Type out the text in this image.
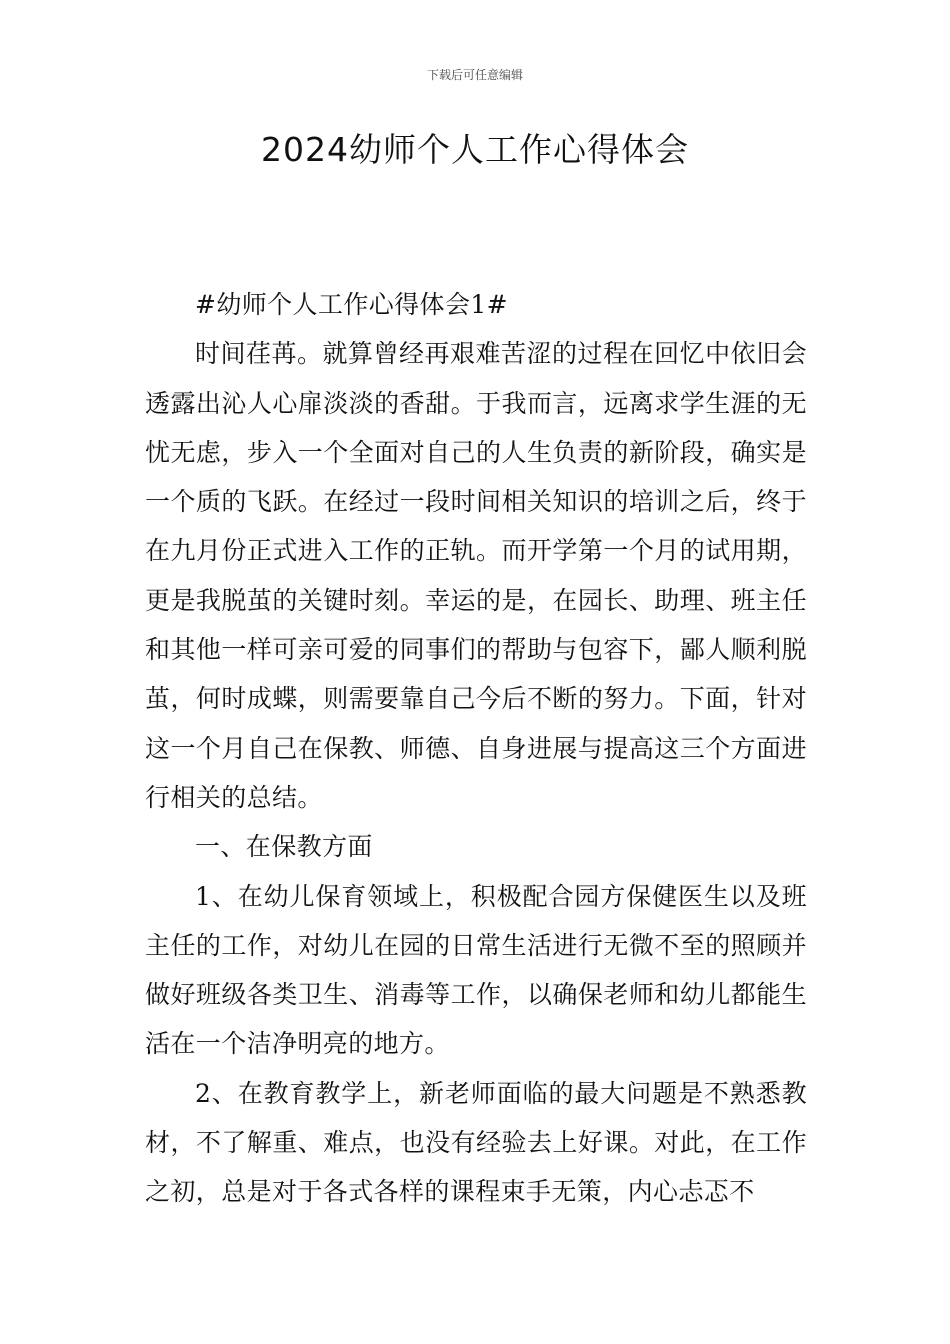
下载后可任意编辑
2024幼师个人工作心得体会

#幼师个人工作心得体会1#

时间荏苒。就算曾经再艰难苦涩的过程在回忆中依旧会透露出沁人心扉淡淡的香甜。于我而言，远离求学生涯的无忧无虑，步入一个全面对自己的人生负责的新阶段，确实是一个质的飞跃。在经过一段时间相关知识的培训之后，终于在九月份正式进入工作的正轨。而开学第一个月的试用期，更是我脱茧的关键时刻。幸运的是，在园长、助理、班主任和其他一样可亲可爱的同事们的帮助与包容下，鄙人顺利脱茧，何时成蝶，则需要靠自己今后不断的努力。下面，针对这一个月自己在保教、师德、自身进展与提高这三个方面进行相关的总结。

一、在保教方面

1、在幼儿保育领域上，积极配合园方保健医生以及班主任的工作，对幼儿在园的日常生活进行无微不至的照顾并做好班级各类卫生、消毒等工作，以确保老师和幼儿都能生活在一个洁净明亮的地方。

2、在教育教学上，新老师面临的最大问题是不熟悉教材，不了解重、难点，也没有经验去上好课。对此，在工作之初，总是对于各式各样的课程束手无策，内心忐忑不
